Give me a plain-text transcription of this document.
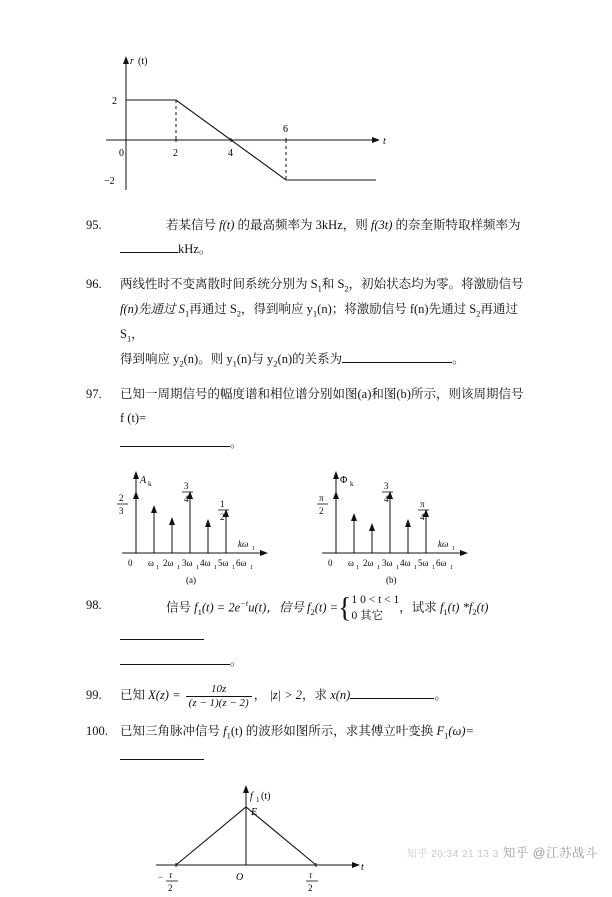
r (t)
2
−2
0	2	4
6
t
95.	若某信号 f(t) 的最高频率为 3kHz，则 f(3t) 的奈奎斯特取样频率为
kHz。
96. 两线性时不变离散时间系统分别为 $S_1$和 $S_2$，初始状态均为零。将激励信号
f(n)先通过 $S_1$再通过 $S_2$，得到响应 $y_1(n)$；将激励信号 f(n)先通过 $S_2$再通过 $S_1$，
得到响应 $y_2(n)$。则 $y_1(n)$与 $y_2(n)$的关系为	。
97. 已知一周期信号的幅度谱和相位谱分别如图(a)和图(b)所示，则该周期信号 f (t)=
。
A k
2
3
3
4	1
2
0 ω 1 2ω 1 3ω 1 4ω 1 5ω 1 6ω 1
kω 1
(a)
Φ k
π
2
3
4	π
4
0 ω 1 2ω 1 3ω 1 4ω 1 5ω 1 6ω 1
kω 1
(b)
98.	信号 $f_1(t) = 2e^{-t}u(t)$，信号 $f_2(t) =\{1$ 0 < t < 1
0 其它，试求 $f_1(t)$ $*f_2(t)$
。
99. 已知 $X(z) = \frac{10z}{(z - 1)(z - 2)}$ ， |z| > 2，求 x(n)	。
100. 已知三角脉冲信号 $f_1(t)$ 的波形如图所示，求其傅立叶变换 $F_1(\omega)=$
f 1 (t)
E
O
t
− τ
2
τ
2
知乎 20:34 21 13 3 知乎 @江苏战斗
